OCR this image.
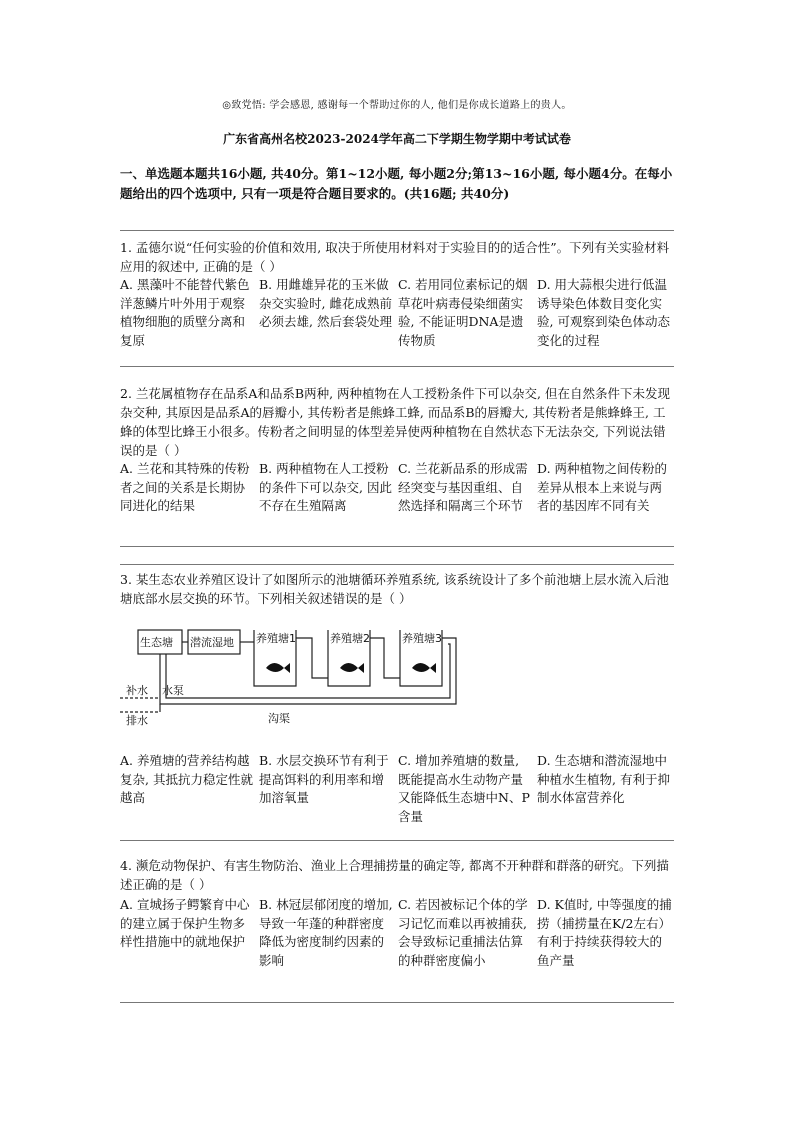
◎致党悟: 学会感恩, 感谢每一个帮助过你的人, 他们是你成长道路上的贵人。
广东省高州名校2023-2024学年高二下学期生物学期中考试试卷
一、单选题本题共16小题, 共40分。第1~12小题, 每小题2分;第13~16小题, 每小题4分。在每小题给出的四个选项中, 只有一项是符合题目要求的。(共16题; 共40分)
1. 孟德尔说“任何实验的价值和效用, 取决于所使用材料对于实验目的的适合性”。下列有关实验材料应用的叙述中, 正确的是（ ）
A. 黑藻叶不能替代紫色洋葱鳞片叶外用于观察植物细胞的质壁分离和复原
B. 用雌雄异花的玉米做杂交实验时, 雌花成熟前必须去雄, 然后套袋处理
C. 若用同位素标记的烟草花叶病毒侵染细菌实验, 不能证明DNA是遗传物质
D. 用大蒜根尖进行低温诱导染色体数目变化实验, 可观察到染色体动态变化的过程
2. 兰花属植物存在品系A和品系B两种, 两种植物在人工授粉条件下可以杂交, 但在自然条件下未发现杂交种, 其原因是品系A的唇瓣小, 其传粉者是熊蜂工蜂, 而品系B的唇瓣大, 其传粉者是熊蜂蜂王, 工蜂的体型比蜂王小很多。传粉者之间明显的体型差异使两种植物在自然状态下无法杂交, 下列说法错误的是（ ）
A. 兰花和其特殊的传粉者之间的关系是长期协同进化的结果
B. 两种植物在人工授粉的条件下可以杂交, 因此不存在生殖隔离
C. 兰花新品系的形成需经突变与基因重组、自然选择和隔离三个环节
D. 两种植物之间传粉的差异从根本上来说与两者的基因库不同有关
3. 某生态农业养殖区设计了如图所示的池塘循环养殖系统, 该系统设计了多个前池塘上层水流入后池塘底部水层交换的环节。下列相关叙述错误的是（ ）
生态塘 潜流湿地 养殖塘1	养殖塘2	养殖塘3
补水 水泵
排水	沟渠
A. 养殖塘的营养结构越复杂, 其抵抗力稳定性就越高
B. 水层交换环节有利于提高饵料的利用率和增加溶氧量
C. 增加养殖塘的数量, 既能提高水生动物产量又能降低生态塘中N、P含量
D. 生态塘和潜流湿地中种植水生植物, 有利于抑制水体富营养化
4. 濒危动物保护、有害生物防治、渔业上合理捕捞量的确定等, 都离不开种群和群落的研究。下列描述正确的是（ ）
A. 宣城扬子鳄繁育中心的建立属于保护生物多样性措施中的就地保护
B. 林冠层郁闭度的增加, 导致一年蓬的种群密度降低为密度制约因素的影响
C. 若因被标记个体的学习记忆而难以再被捕获, 会导致标记重捕法估算的种群密度偏小
D. K值时, 中等强度的捕捞（捕捞量在K/2左右）有利于持续获得较大的鱼产量
